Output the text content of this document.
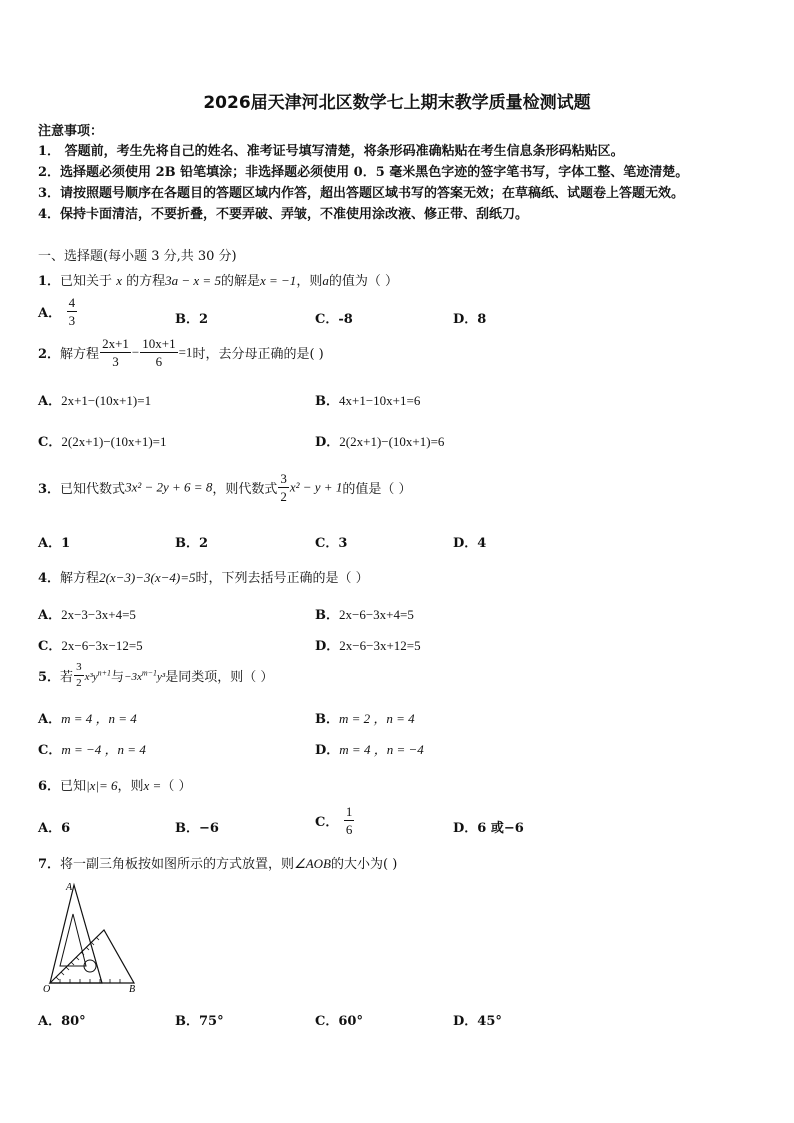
2026届天津河北区数学七上期末教学质量检测试题
注意事项：
1． 答题前，考生先将自己的姓名、准考证号填写清楚，将条形码准确粘贴在考生信息条形码粘贴区。
2．选择题必须使用 2B 铅笔填涂；非选择题必须使用 0．5 毫米黑色字迹的签字笔书写，字体工整、笔迹清楚。
3．请按照题号顺序在各题目的答题区域内作答，超出答题区域书写的答案无效；在草稿纸、试题卷上答题无效。
4．保持卡面清洁，不要折叠，不要弄破、弄皱，不准使用涂改液、修正带、刮纸刀。
一、选择题(每小题 3 分,共 30 分)
1．已知关于 x 的方程3a − x = 5的解是x = −1，则a的值为（ ）
A． $\frac{4}{3}$	B．2	C．-8	D．8
2．解方程 $\frac{2x+1}{3} - \frac{10x+1}{6} =1$时，去分母正确的是( )
A．2x+1−(10x+1)=1	B．4x+1−10x+1=6
C．2(2x+1)−(10x+1)=1	D．2(2x+1)−(10x+1)=6
3．已知代数式3x² − 2y + 6 = 8，则代数式 $\frac{3}{2} x^2 - y + 1$的值是（ ）
A．1	B．2	C．3	D．4
4．解方程2(x−3)−3(x−4)=5时，下列去括号正确的是（ ）
A．2x−3−3x+4=5	B．2x−6−3x+4=5
C．2x−6−3x−12=5	D．2x−6−3x+12=5
5．若 $\frac{3}{2} x^3y^{n+1}$与$-3x^{m-1}y^3$是同类项，则（ ）
A．m = 4 ，n = 4	B．m = 2 ，n = 4
C．m = −4 ，n = 4	D．m = 4 ，n = −4
6．已知|x|= 6，则x =（ ）
A．6	B．−6	C． $\frac{1}{6}$	D．6 或−6
7．将一副三角板按如图所示的方式放置，则∠AOB的大小为( )
A
O	B
A．80°	B．75°	C．60°	D．45°
